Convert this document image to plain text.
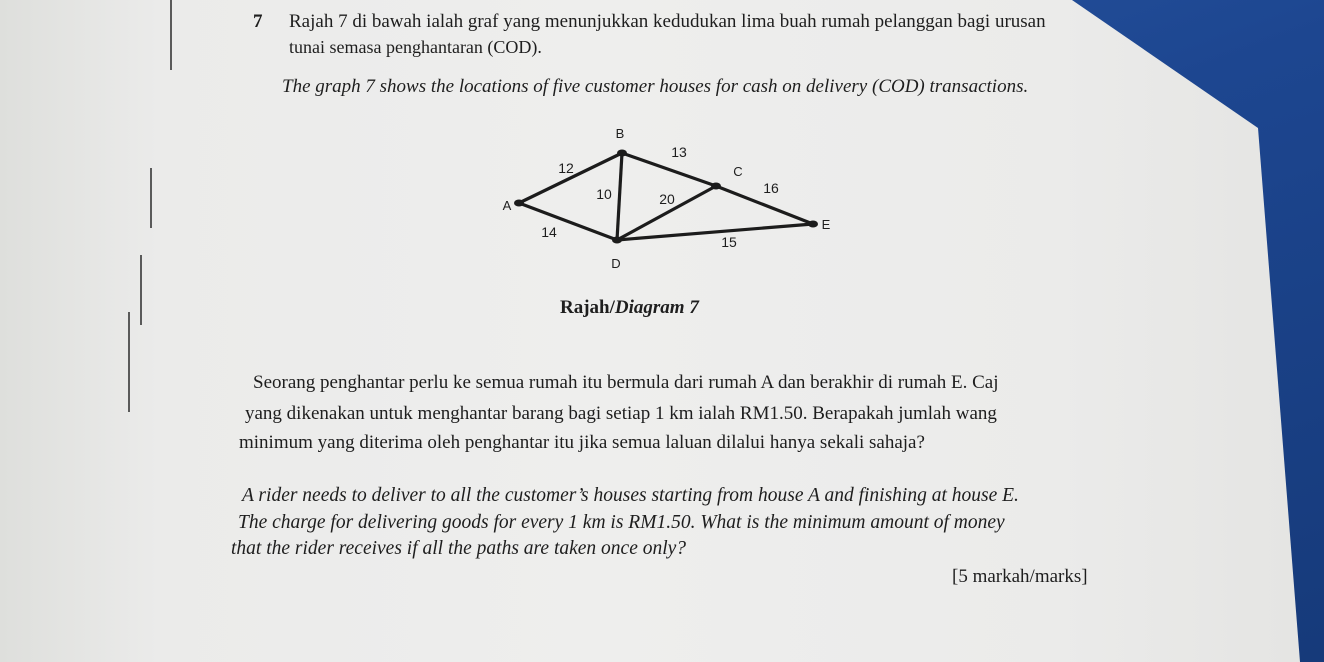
7 Rajah 7 di bawah ialah graf yang menunjukkan kedudukan lima buah rumah pelanggan bagi urusan
tunai semasa penghantaran (COD).
The graph 7 shows the locations of five customer houses for cash on delivery (COD) transactions.
12
14
10
13
20
16
15
A
B
C
D
E
Rajah/Diagram 7
Seorang penghantar perlu ke semua rumah itu bermula dari rumah A dan berakhir di rumah E. Caj
yang dikenakan untuk menghantar barang bagi setiap 1 km ialah RM1.50. Berapakah jumlah wang
minimum yang diterima oleh penghantar itu jika semua laluan dilalui hanya sekali sahaja?
A rider needs to deliver to all the customer’s houses starting from house A and finishing at house E.
The charge for delivering goods for every 1 km is RM1.50. What is the minimum amount of money
that the rider receives if all the paths are taken once only?
[5 markah/marks]
